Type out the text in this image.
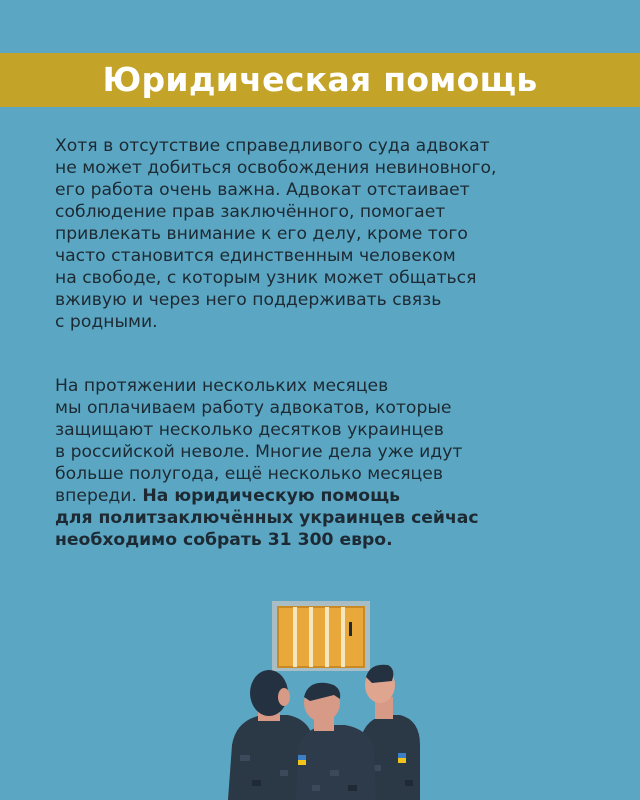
Юридическая помощь
Хотя в отсутствие справедливого суда адвокат
не может добиться освобождения невиновного,
его работа очень важна. Адвокат отстаивает
соблюдение прав заключённого, помогает
привлекать внимание к его делу, кроме того
часто становится единственным человеком
на свободе, с которым узник может общаться
вживую и через него поддерживать связь
с родными.
На протяжении нескольких месяцев
мы оплачиваем работу адвокатов, которые
защищают несколько десятков украинцев
в российской неволе. Многие дела уже идут
больше полугода, ещё несколько месяцев
впереди. На юридическую помощь
для политзаключённых украинцев сейчас
необходимо собрать 31 300 евро.
